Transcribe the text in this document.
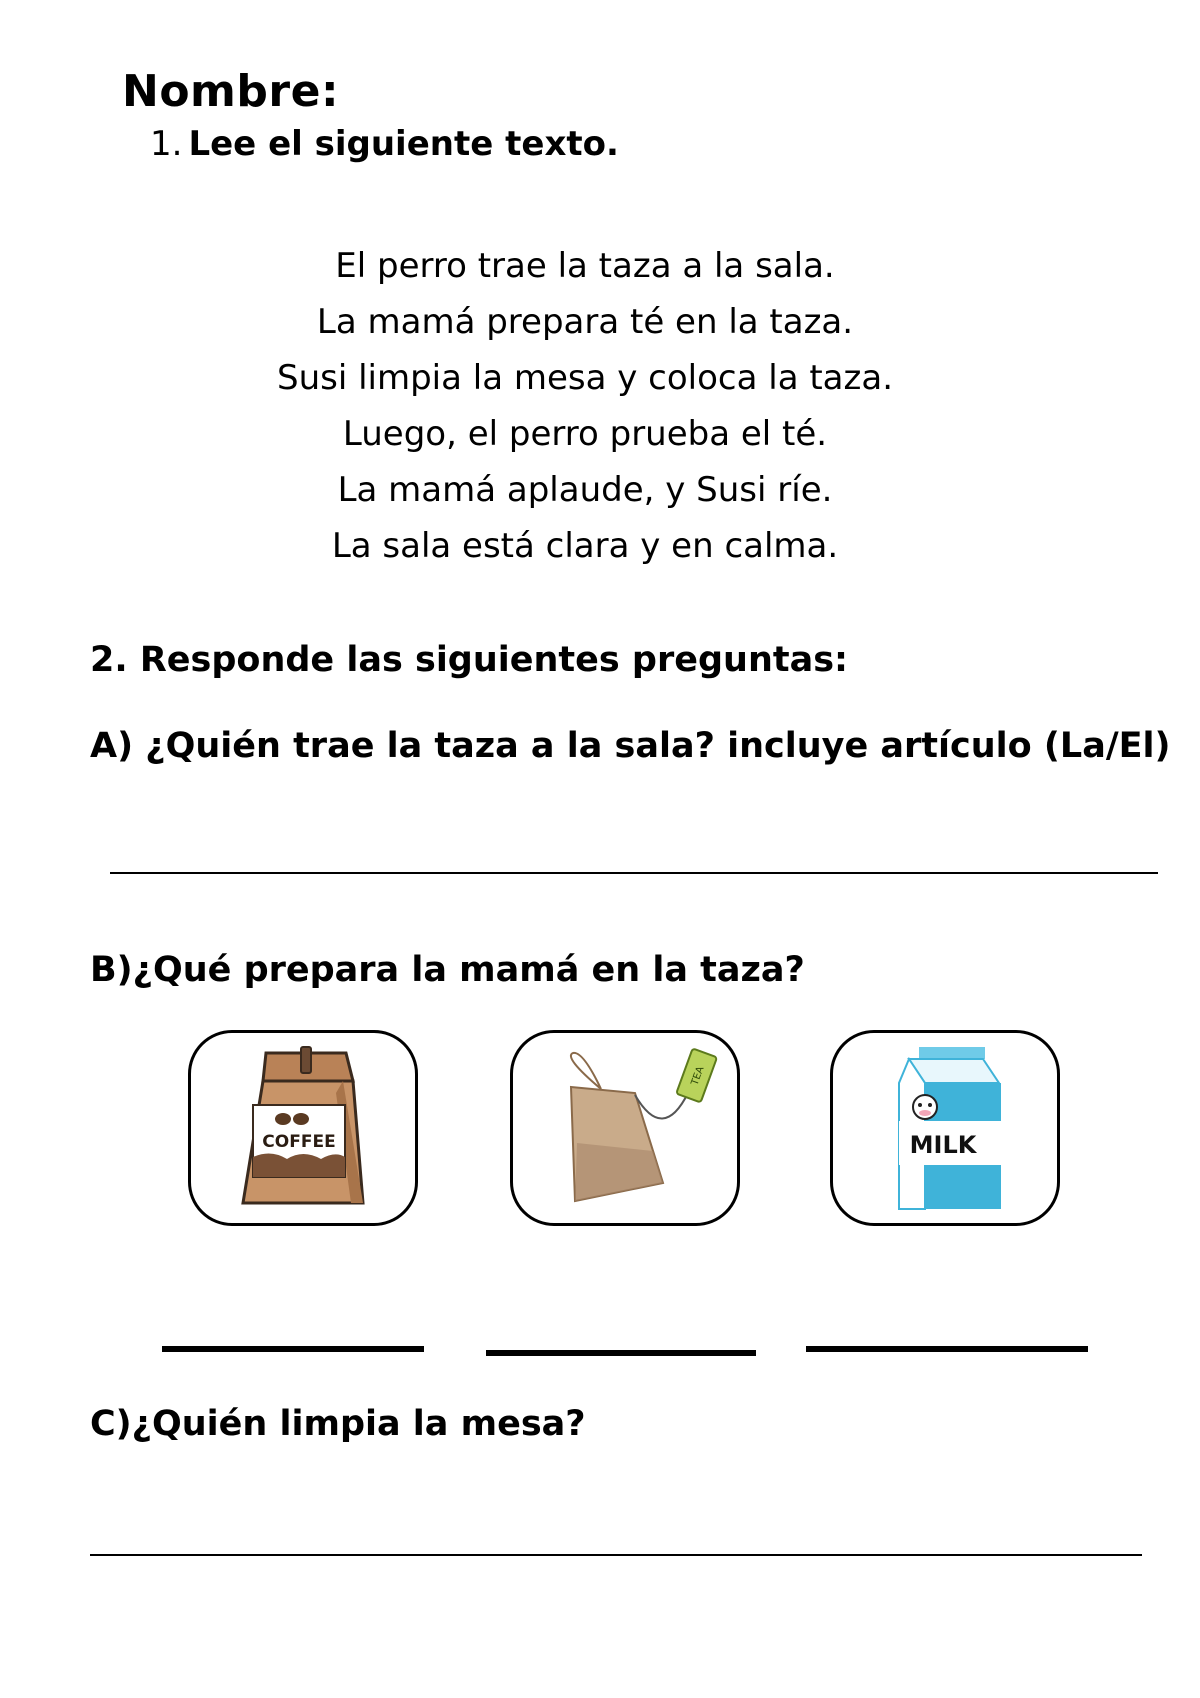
Nombre:
1. Lee el siguiente texto.
El perro trae la taza a la sala.
La mamá prepara té en la taza.
Susi limpia la mesa y coloca la taza.
Luego, el perro prueba el té.
La mamá aplaude, y Susi ríe.
La sala está clara y en calma.
2. Responde las siguientes preguntas:
A) ¿Quién trae la taza a la sala? incluye artículo (La/El)
B)¿Qué prepara la mamá en la taza?
COFFEE
TEA
MILK
C)¿Quién limpia la mesa?
